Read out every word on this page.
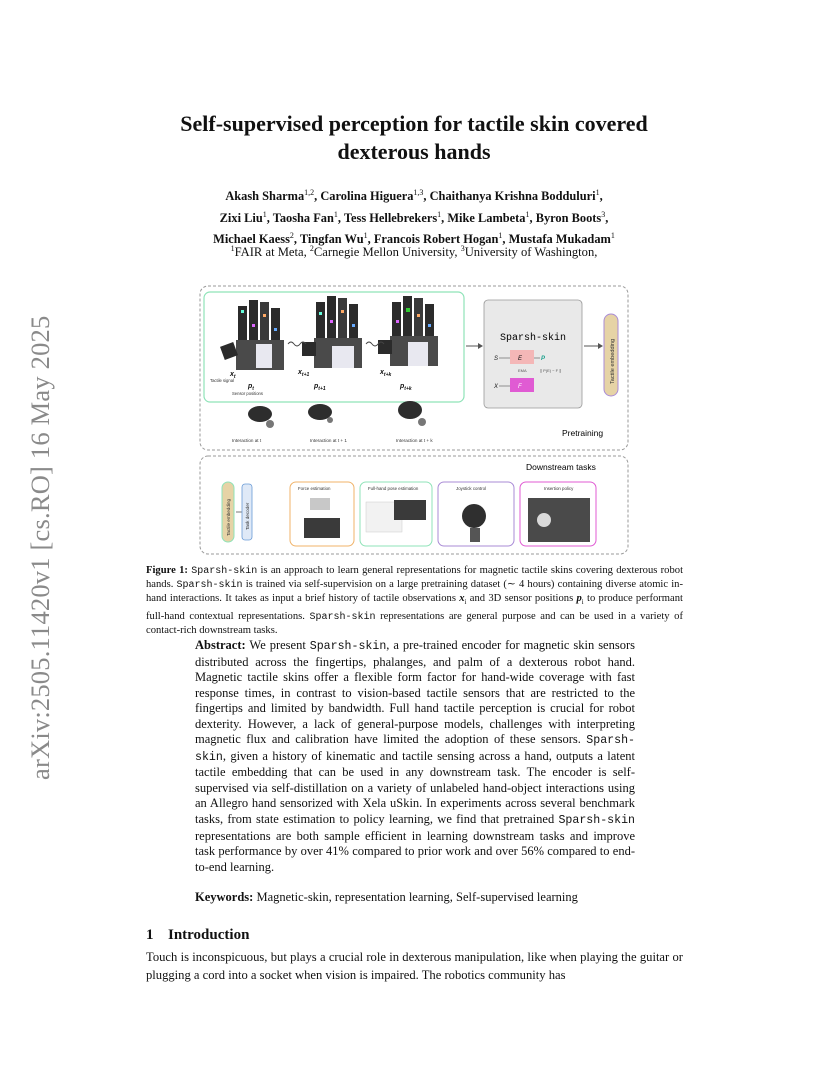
arXiv:2505.11420v1 [cs.RO] 16 May 2025
Self-supervised perception for tactile skin covered
dexterous hands
Akash Sharma$^{1,2}$, Carolina Higuera$^{1,3}$, Chaithanya Krishna Bodduluri$^1$,
Zixi Liu$^1$, Taosha Fan$^1$, Tess Hellebrekers$^1$, Mike Lambeta$^1$, Byron Boots$^3$,
Michael Kaess$^2$, Tingfan Wu$^1$, Francois Robert Hogan$^1$, Mustafa Mukadam$^1$
$^1$FAIR at Meta, $^2$Carnegie Mellon University, $^3$University of Washington,
$x_t$
$p_t$
Tactile signal
Sensor positions
$x_{t+1}$
$p_{t+1}$
$x_{t+k}$
$p_{t+k}$
Interaction at t	Interaction at t + 1	Interaction at t + k
Sparsh-skin
S	E	P
EMA	∥ P(E) − F ∥
X	F
Tactile embedding
Pretraining
Downstream tasks
Tactile embedding	Task decoder
Force estimation	Full-hand pose estimation	Joystick control	Insertion policy
Figure 1: Sparsh-skin is an approach to learn general representations for magnetic tactile skins covering dexterous robot hands. Sparsh-skin is trained via self-supervision on a large pretraining dataset (∼ 4 hours) containing diverse atomic in-hand interactions. It takes as input a brief history of tactile observations $x_i$ and 3D sensor positions $p_i$ to produce performant full-hand contextual representations. Sparsh-skin representations are general purpose and can be used in a variety of contact-rich downstream tasks.
Abstract: We present Sparsh-skin, a pre-trained encoder for magnetic skin sensors distributed across the fingertips, phalanges, and palm of a dexterous robot hand. Magnetic tactile skins offer a flexible form factor for hand-wide coverage with fast response times, in contrast to vision-based tactile sensors that are restricted to the fingertips and limited by bandwidth. Full hand tactile perception is crucial for robot dexterity. However, a lack of general-purpose models, challenges with interpreting magnetic flux and calibration have limited the adoption of these sensors. Sparsh-skin, given a history of kinematic and tactile sensing across a hand, outputs a latent tactile embedding that can be used in any downstream task. The encoder is self-supervised via self-distillation on a variety of unlabeled hand-object interactions using an Allegro hand sensorized with Xela uSkin. In experiments across several benchmark tasks, from state estimation to policy learning, we find that pretrained Sparsh-skin representations are both sample efficient in learning downstream tasks and improve task performance by over 41% compared to prior work and over 56% compared to end-to-end learning.
Keywords: Magnetic-skin, representation learning, Self-supervised learning
1 Introduction
Touch is inconspicuous, but plays a crucial role in dexterous manipulation, like when playing the guitar or plugging a cord into a socket when vision is impaired. The robotics community has
